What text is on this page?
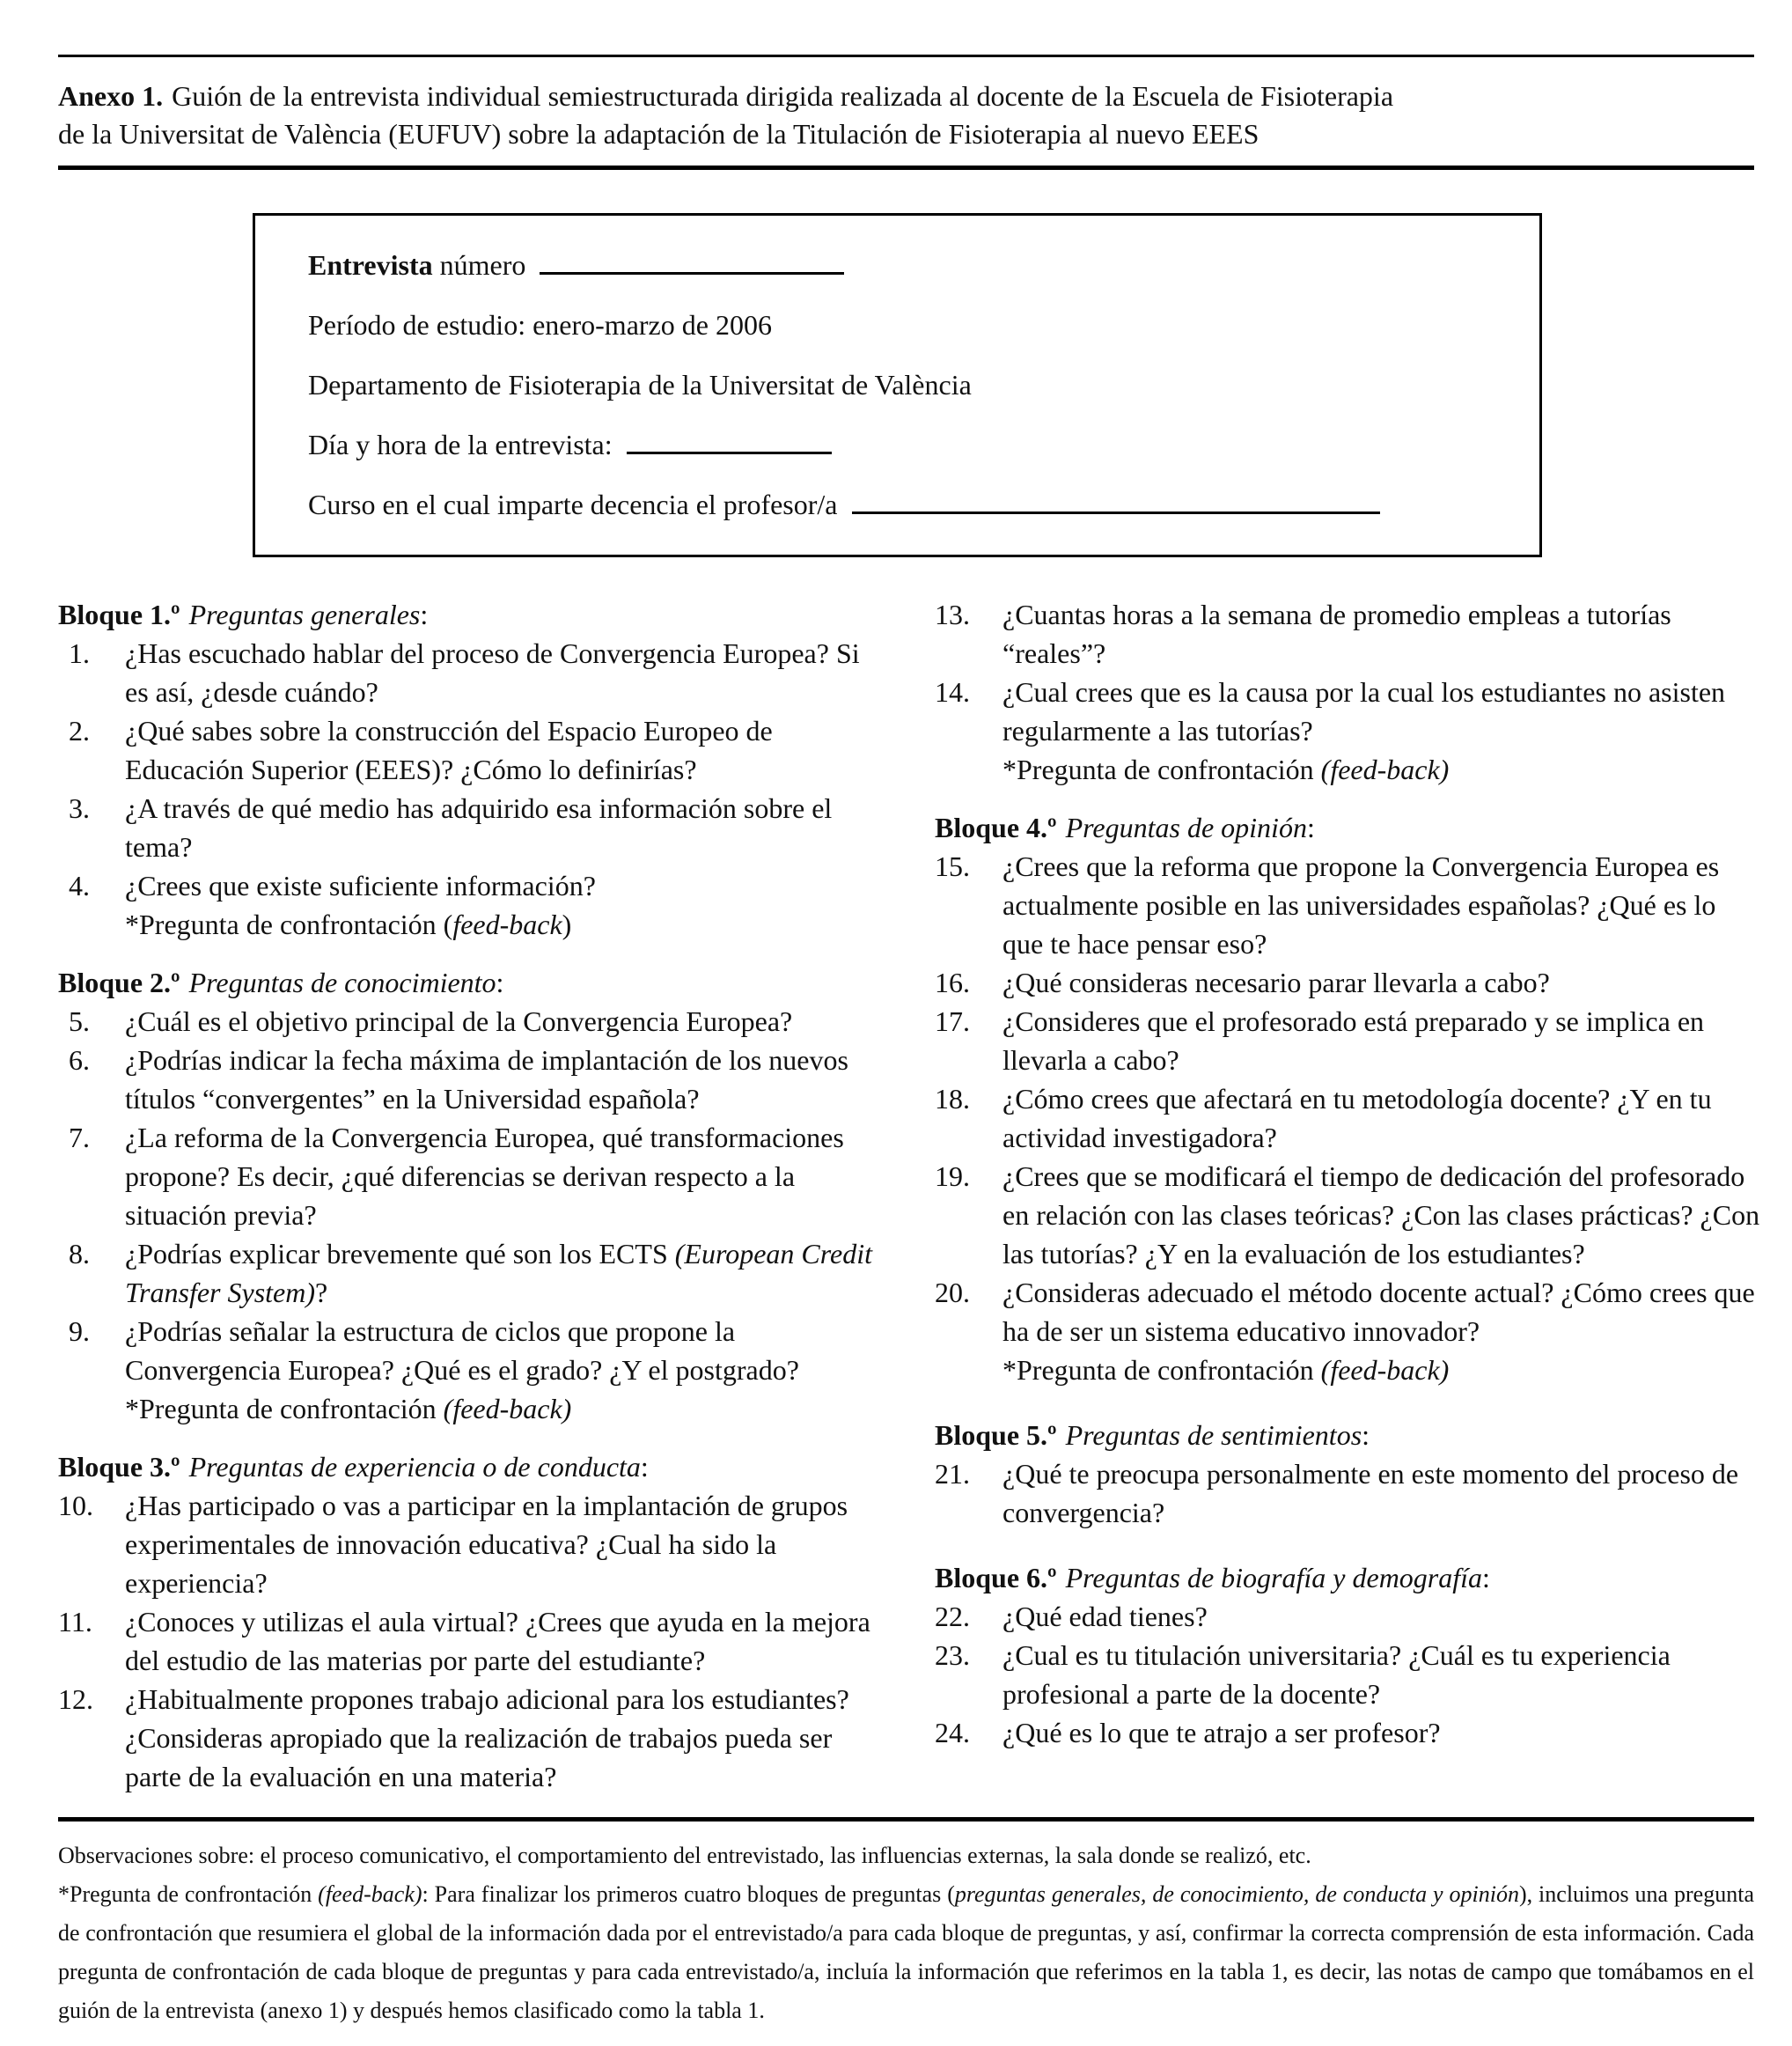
Anexo 1. Guión de la entrevista individual semiestructurada dirigida realizada al docente de la Escuela de Fisioterapia
de la Universitat de València (EUFUV) sobre la adaptación de la Titulación de Fisioterapia al nuevo EEES
Entrevista número
Período de estudio: enero-marzo de 2006
Departamento de Fisioterapia de la Universitat de València
Día y hora de la entrevista:
Curso en el cual imparte decencia el profesor/a
Bloque 1.º Preguntas generales:
1.	¿Has escuchado hablar del proceso de Convergencia Europea? Si es así, ¿desde cuándo?
2.	¿Qué sabes sobre la construcción del Espacio Europeo de Educación Superior (EEES)? ¿Cómo lo definirías?
3.	¿A través de qué medio has adquirido esa información sobre el tema?
4.	¿Crees que existe suficiente información?
*Pregunta de confrontación (feed-back)
Bloque 2.º Preguntas de conocimiento:
5.	¿Cuál es el objetivo principal de la Convergencia Europea?
6.	¿Podrías indicar la fecha máxima de implantación de los nuevos títulos “convergentes” en la Universidad española?
7.	¿La reforma de la Convergencia Europea, qué transformaciones propone? Es decir, ¿qué diferencias se derivan respecto a la situación previa?
8.	¿Podrías explicar brevemente qué son los ECTS (European Credit Transfer System)?
9.	¿Podrías señalar la estructura de ciclos que propone la Convergencia Europea? ¿Qué es el grado? ¿Y el postgrado?
*Pregunta de confrontación (feed-back)
Bloque 3.º Preguntas de experiencia o de conducta:
10.	¿Has participado o vas a participar en la implantación de grupos experimentales de innovación educativa? ¿Cual ha sido la experiencia?
11.	¿Conoces y utilizas el aula virtual? ¿Crees que ayuda en la mejora del estudio de las materias por parte del estudiante?
12.	¿Habitualmente propones trabajo adicional para los estudiantes? ¿Consideras apropiado que la realización de trabajos pueda ser parte de la evaluación en una materia?
13.	¿Cuantas horas a la semana de promedio empleas a tutorías “reales”?
14.	¿Cual crees que es la causa por la cual los estudiantes no asisten regularmente a las tutorías?
*Pregunta de confrontación (feed-back)
Bloque 4.º Preguntas de opinión:
15.	¿Crees que la reforma que propone la Convergencia Europea es actualmente posible en las universidades españolas? ¿Qué es lo que te hace pensar eso?
16.	¿Qué consideras necesario parar llevarla a cabo?
17.	¿Consideres que el profesorado está preparado y se implica en llevarla a cabo?
18.	¿Cómo crees que afectará en tu metodología docente? ¿Y en tu actividad investigadora?
19.	¿Crees que se modificará el tiempo de dedicación del profesorado en relación con las clases teóricas? ¿Con las clases prácticas? ¿Con las tutorías? ¿Y en la evaluación de los estudiantes?
20.	¿Consideras adecuado el método docente actual? ¿Cómo crees que ha de ser un sistema educativo innovador?
*Pregunta de confrontación (feed-back)
Bloque 5.º Preguntas de sentimientos:
21.	¿Qué te preocupa personalmente en este momento del proceso de convergencia?
Bloque 6.º Preguntas de biografía y demografía:
22.	¿Qué edad tienes?
23.	¿Cual es tu titulación universitaria? ¿Cuál es tu experiencia profesional a parte de la docente?
24.	¿Qué es lo que te atrajo a ser profesor?

Observaciones sobre: el proceso comunicativo, el comportamiento del entrevistado, las influencias externas, la sala donde se realizó, etc.

*Pregunta de confrontación (feed-back): Para finalizar los primeros cuatro bloques de preguntas (preguntas generales, de conocimiento, de conducta y opinión), incluimos una pregunta de confrontación que resumiera el global de la información dada por el entrevistado/a para cada bloque de preguntas, y así, confirmar la correcta comprensión de esta información. Cada pregunta de confrontación de cada bloque de preguntas y para cada entrevistado/a, incluía la información que referimos en la tabla 1, es decir, las notas de campo que tomábamos en el guión de la entrevista (anexo 1) y después hemos clasificado como la tabla 1.
